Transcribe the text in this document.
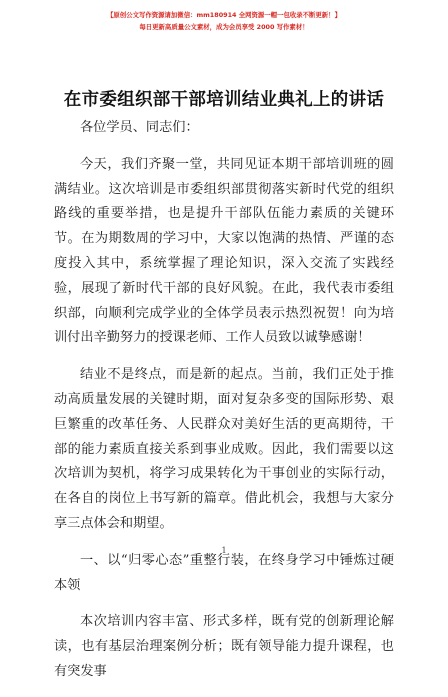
【原创公文写作资源请加微信：mm180914 全网资源一帽一包收录不断更新！】
每日更新高质量公文素材，成为会员享受 2000 写作素材！
在市委组织部干部培训结业典礼上的讲话

各位学员、同志们：

今天，我们齐聚一堂，共同见证本期干部培训班的圆满结业。这次培训是市委组织部贯彻落实新时代党的组织路线的重要举措，也是提升干部队伍能力素质的关键环节。在为期数周的学习中，大家以饱满的热情、严谨的态度投入其中，系统掌握了理论知识，深入交流了实践经验，展现了新时代干部的良好风貌。在此，我代表市委组织部，向顺利完成学业的全体学员表示热烈祝贺！向为培训付出辛勤努力的授课老师、工作人员致以诚挚感谢！

结业不是终点，而是新的起点。当前，我们正处于推动高质量发展的关键时期，面对复杂多变的国际形势、艰巨繁重的改革任务、人民群众对美好生活的更高期待，干部的能力素质直接关系到事业成败。因此，我们需要以这次培训为契机，将学习成果转化为干事创业的实际行动，在各自的岗位上书写新的篇章。借此机会，我想与大家分享三点体会和期望。

一、以“归零心态”重整行装，在终身学习中锤炼过硬本领

本次培训内容丰富、形式多样，既有党的创新理论解读，也有基层治理案例分析；既有领导能力提升课程，也有突发事

1
